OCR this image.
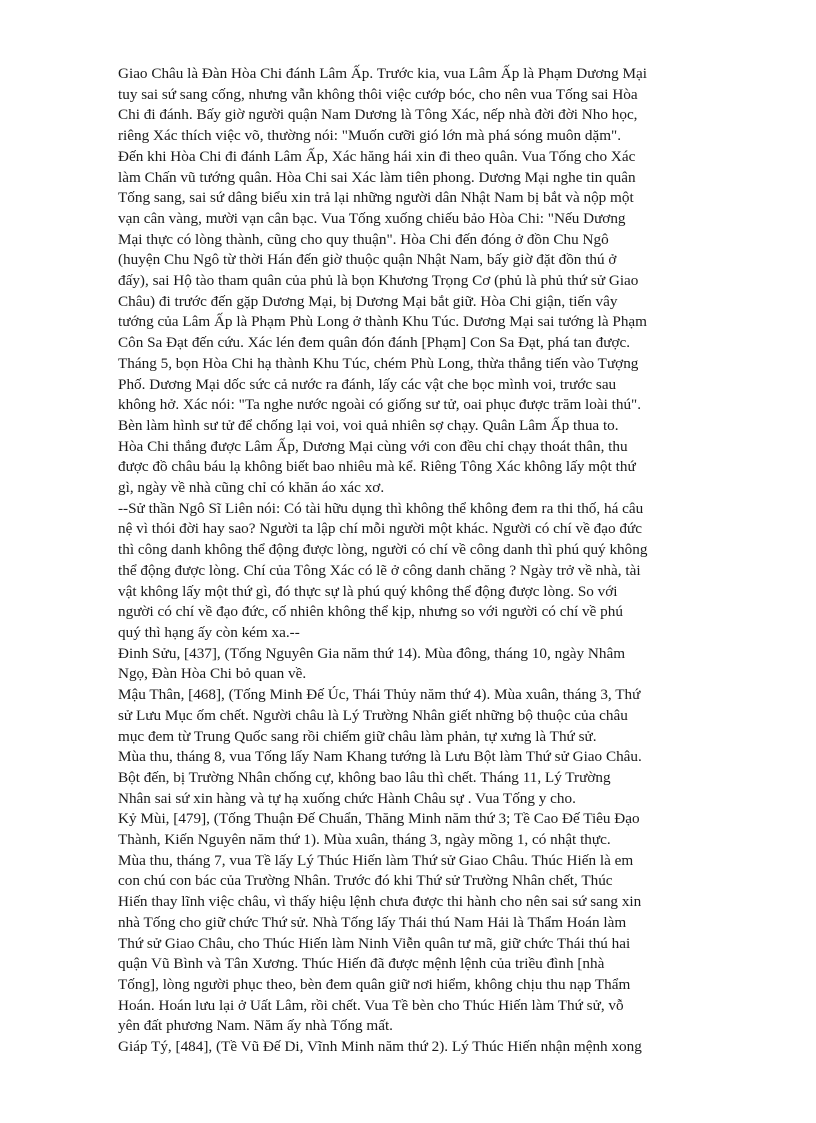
Giao Châu là Đàn Hòa Chi đánh Lâm Ấp. Trước kia, vua Lâm Ấp là Phạm Dương Mại
tuy sai sứ sang cống, nhưng vẫn không thôi việc cướp bóc, cho nên vua Tống sai Hòa
Chi đi đánh. Bấy giờ người quận Nam Dương là Tông Xác, nếp nhà đời đời Nho học,
riêng Xác thích việc võ, thường nói: "Muốn cưỡi gió lớn mà phá sóng muôn dặm".
Đến khi Hòa Chi đi đánh Lâm Ấp, Xác hăng hái xin đi theo quân. Vua Tống cho Xác
làm Chấn vũ tướng quân. Hòa Chi sai Xác làm tiên phong. Dương Mại nghe tin quân
Tống sang, sai sứ dâng biểu xin trả lại những người dân Nhật Nam bị bắt và nộp một
vạn cân vàng, mười vạn cân bạc. Vua Tống xuống chiếu bảo Hòa Chi: "Nếu Dương
Mại thực có lòng thành, cũng cho quy thuận". Hòa Chi đến đóng ở đồn Chu Ngô
(huyện Chu Ngô từ thời Hán đến giờ thuộc quận Nhật Nam, bấy giờ đặt đồn thú ở
đấy), sai Hộ tào tham quân của phủ là bọn Khương Trọng Cơ (phủ là phủ thứ sử Giao
Châu) đi trước đến gặp Dương Mại, bị Dương Mại bắt giữ. Hòa Chi giận, tiến vây
tướng của Lâm Ấp là Phạm Phù Long ở thành Khu Túc. Dương Mại sai tướng là Phạm
Côn Sa Đạt đến cứu. Xác lén đem quân đón đánh [Phạm] Con Sa Đạt, phá tan được.
Tháng 5, bọn Hòa Chi hạ thành Khu Túc, chém Phù Long, thừa thắng tiến vào Tượng
Phố. Dương Mại dốc sức cả nước ra đánh, lấy các vật che bọc mình voi, trước sau
không hở. Xác nói: "Ta nghe nước ngoài có giống sư tử, oai phục được trăm loài thú".
Bèn làm hình sư tử để chống lại voi, voi quả nhiên sợ chạy. Quân Lâm Ấp thua to.
Hòa Chi thắng được Lâm Ấp, Dương Mại cùng với con đều chỉ chạy thoát thân, thu
được đồ châu báu lạ không biết bao nhiêu mà kể. Riêng Tông Xác không lấy một thứ
gì, ngày về nhà cũng chỉ có khăn áo xác xơ.
--Sử thần Ngô Sĩ Liên nói: Có tài hữu dụng thì không thể không đem ra thi thố, há câu
nệ vì thói đời hay sao? Người ta lập chí mỗi người một khác. Người có chí về đạo đức
thì công danh không thể động được lòng, người có chí về công danh thì phú quý không
thể động được lòng. Chí của Tông Xác có lẽ ở công danh chăng ? Ngày trở về nhà, tài
vật không lấy một thứ gì, đó thực sự là phú quý không thể động được lòng. So với
người có chí về đạo đức, cố nhiên không thể kịp, nhưng so với người có chí về phú
quý thì hạng ấy còn kém xa.--
Đinh Sửu, [437], (Tống Nguyên Gia năm thứ 14). Mùa đông, tháng 10, ngày Nhâm
Ngọ, Đàn Hòa Chi bỏ quan về.
Mậu Thân, [468], (Tống Minh Đế Úc, Thái Thủy năm thứ 4). Mùa xuân, tháng 3, Thứ
sử Lưu Mục ốm chết. Người châu là Lý Trường Nhân giết những bộ thuộc của châu
mục đem từ Trung Quốc sang rồi chiếm giữ châu làm phản, tự xưng là Thứ sử.
Mùa thu, tháng 8, vua Tống lấy Nam Khang tướng là Lưu Bột làm Thứ sử Giao Châu.
Bột đến, bị Trường Nhân chống cự, không bao lâu thì chết. Tháng 11, Lý Trường
Nhân sai sứ xin hàng và tự hạ xuống chức Hành Châu sự . Vua Tống y cho.
Kỷ Mùi, [479], (Tống Thuận Đế Chuẩn, Thăng Minh năm thứ 3; Tề Cao Đế Tiêu Đạo
Thành, Kiến Nguyên năm thứ 1). Mùa xuân, tháng 3, ngày mồng 1, có nhật thực.
Mùa thu, tháng 7, vua Tề lấy Lý Thúc Hiến làm Thứ sử Giao Châu. Thúc Hiến là em
con chú con bác của Trường Nhân. Trước đó khi Thứ sử Trường Nhân chết, Thúc
Hiến thay lĩnh việc châu, vì thấy hiệu lệnh chưa được thi hành cho nên sai sứ sang xin
nhà Tống cho giữ chức Thứ sử. Nhà Tống lấy Thái thú Nam Hải là Thẩm Hoán làm
Thứ sử Giao Châu, cho Thúc Hiến làm Ninh Viễn quân tư mã, giữ chức Thái thú hai
quận Vũ Bình và Tân Xương. Thúc Hiến đã được mệnh lệnh của triều đình [nhà
Tống], lòng người phục theo, bèn đem quân giữ nơi hiểm, không chịu thu nạp Thẩm
Hoán. Hoán lưu lại ở Uất Lâm, rồi chết. Vua Tề bèn cho Thúc Hiến làm Thứ sử, vỗ
yên đất phương Nam. Năm ấy nhà Tống mất.
Giáp Tý, [484], (Tề Vũ Đế Di, Vĩnh Minh năm thứ 2). Lý Thúc Hiến nhận mệnh xong
